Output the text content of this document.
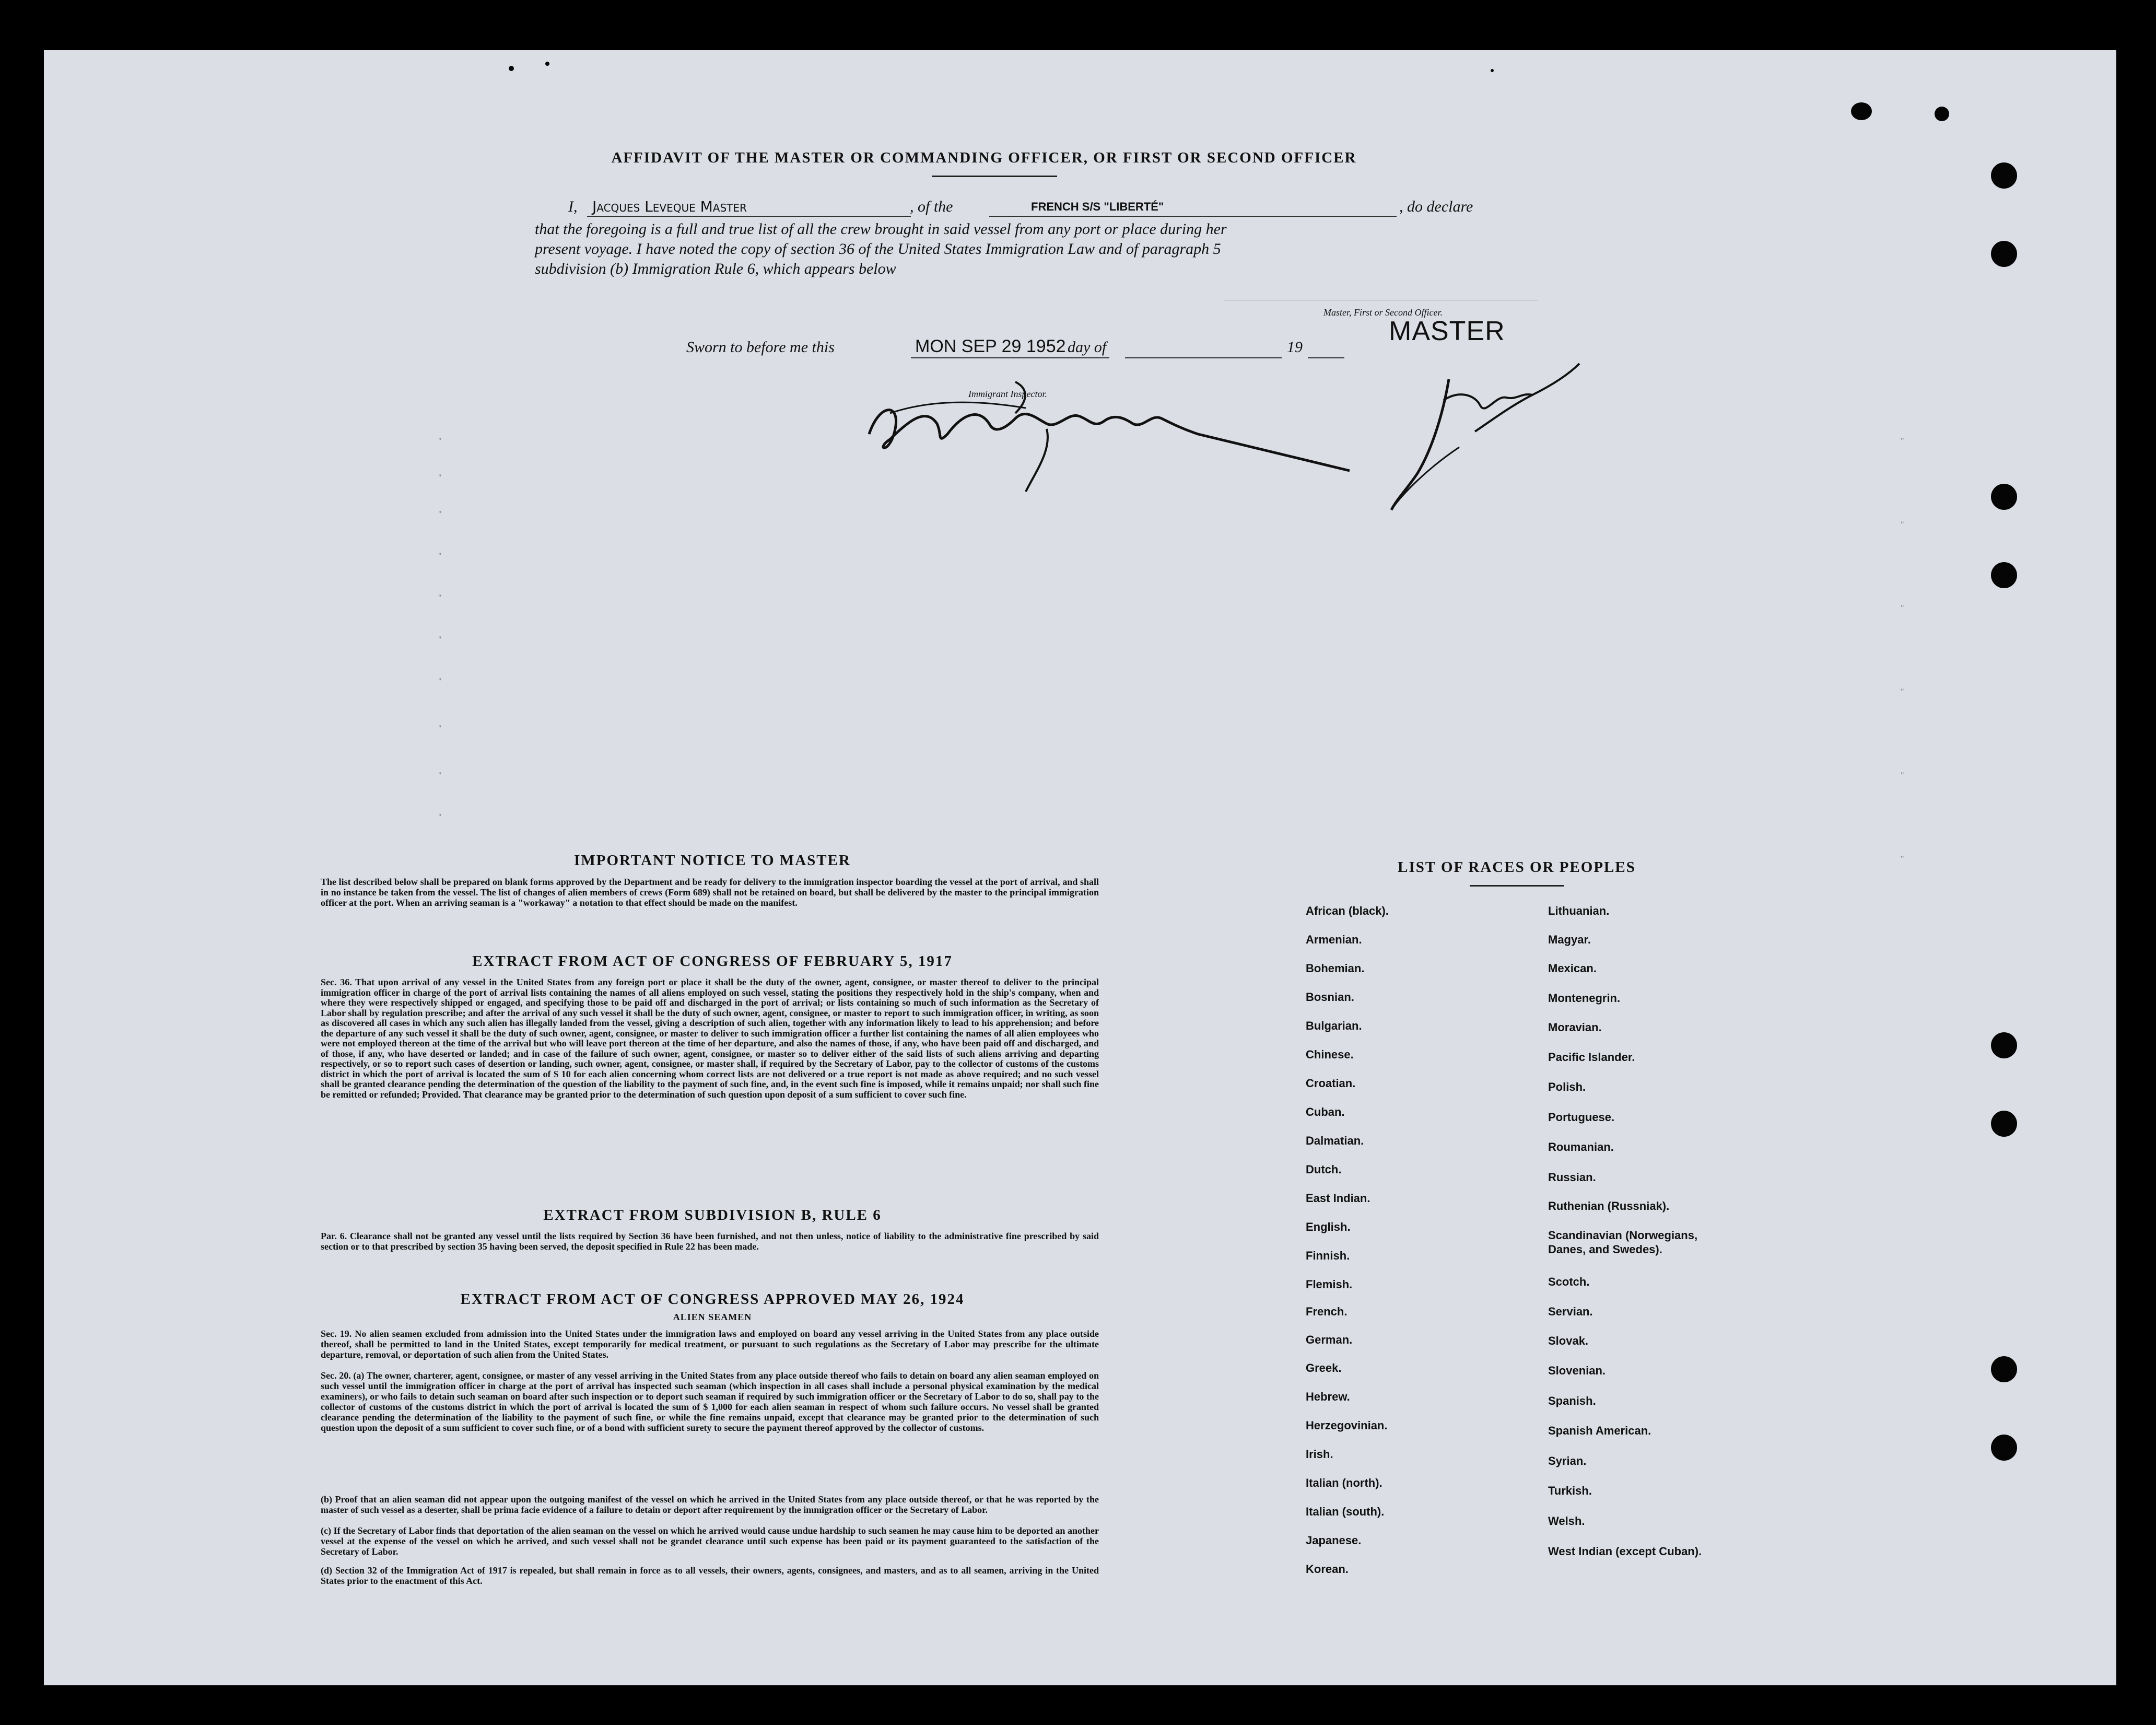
AFFIDAVIT OF THE MASTER OR COMMANDING OFFICER, OR FIRST OR SECOND OFFICER
I, Jacques Leveque Master	, of the	FRENCH S/S "LIBERTÉ"	, do declare
that the foregoing is a full and true list of all the crew brought in said vessel from any port or place during her
present voyage. I have noted the copy of section 36 of the United States Immigration Law and of paragraph 5
subdivision (b) Immigration Rule 6, which appears below
Master, First or Second Officer.
MASTER
Sworn to before me this	MON SEP 29 1952 day of	19
Immigrant Inspector.
"
"
"
"
"
"
"
"
"
"
"
"
"
"
"
"
IMPORTANT NOTICE TO MASTER
The list described below shall be prepared on blank forms approved by the Department and be ready for delivery to the immigration inspector boarding the vessel at the port of arrival, and shall in no instance be taken from the vessel. The list of changes of alien members of crews (Form 689) shall not be retained on board, but shall be delivered by the master to the principal immigration officer at the port. When an arriving seaman is a "workaway" a notation to that effect should be made on the manifest.
EXTRACT FROM ACT OF CONGRESS OF FEBRUARY 5, 1917
Sec. 36. That upon arrival of any vessel in the United States from any foreign port or place it shall be the duty of the owner, agent, consignee, or master thereof to deliver to the principal immigration officer in charge of the port of arrival lists containing the names of all aliens employed on such vessel, stating the positions they respectively hold in the ship's company, when and where they were respectively shipped or engaged, and specifying those to be paid off and discharged in the port of arrival; or lists containing so much of such information as the Secretary of Labor shall by regulation prescribe; and after the arrival of any such vessel it shall be the duty of such owner, agent, consignee, or master to report to such immigration officer, in writing, as soon as discovered all cases in which any such alien has illegally landed from the vessel, giving a description of such alien, together with any information likely to lead to his apprehension; and before the departure of any such vessel it shall be the duty of such owner, agent, consignee, or master to deliver to such immigration officer a further list containing the names of all alien employees who were not employed thereon at the time of the arrival but who will leave port thereon at the time of her departure, and also the names of those, if any, who have been paid off and discharged, and of those, if any, who have deserted or landed; and in case of the failure of such owner, agent, consignee, or master so to deliver either of the said lists of such aliens arriving and departing respectively, or so to report such cases of desertion or landing, such owner, agent, consignee, or master shall, if required by the Secretary of Labor, pay to the collector of customs of the customs district in which the port of arrival is located the sum of $ 10 for each alien concerning whom correct lists are not delivered or a true report is not made as above required; and no such vessel shall be granted clearance pending the determination of the question of the liability to the payment of such fine, and, in the event such fine is imposed, while it remains unpaid; nor shall such fine be remitted or refunded; Provided. That clearance may be granted prior to the determination of such question upon deposit of a sum sufficient to cover such fine.
EXTRACT FROM SUBDIVISION B, RULE 6
Par. 6. Clearance shall not be granted any vessel until the lists required by Section 36 have been furnished, and not then unless, notice of liability to the administrative fine prescribed by said section or to that prescribed by section 35 having been served, the deposit specified in Rule 22 has been made.
EXTRACT FROM ACT OF CONGRESS APPROVED MAY 26, 1924
ALIEN SEAMEN
Sec. 19. No alien seamen excluded from admission into the United States under the immigration laws and employed on board any vessel arriving in the United States from any place outside thereof, shall be permitted to land in the United States, except temporarily for medical treatment, or pursuant to such regulations as the Secretary of Labor may prescribe for the ultimate departure, removal, or deportation of such alien from the United States.
Sec. 20. (a) The owner, charterer, agent, consignee, or master of any vessel arriving in the United States from any place outside thereof who fails to detain on board any alien seaman employed on such vessel until the immigration officer in charge at the port of arrival has inspected such seaman (which inspection in all cases shall include a personal physical examination by the medical examiners), or who fails to detain such seaman on board after such inspection or to deport such seaman if required by such immigration officer or the Secretary of Labor to do so, shall pay to the collector of customs of the customs district in which the port of arrival is located the sum of $ 1,000 for each alien seaman in respect of whom such failure occurs. No vessel shall be granted clearance pending the determination of the liability to the payment of such fine, or while the fine remains unpaid, except that clearance may be granted prior to the determination of such question upon the deposit of a sum sufficient to cover such fine, or of a bond with sufficient surety to secure the payment thereof approved by the collector of customs.
(b) Proof that an alien seaman did not appear upon the outgoing manifest of the vessel on which he arrived in the United States from any place outside thereof, or that he was reported by the master of such vessel as a deserter, shall be prima facie evidence of a failure to detain or deport after requirement by the immigration officer or the Secretary of Labor.
(c) If the Secretary of Labor finds that deportation of the alien seaman on the vessel on which he arrived would cause undue hardship to such seamen he may cause him to be deported an another vessel at the expense of the vessel on which he arrived, and such vessel shall not be grandet clearance until such expense has been paid or its payment guaranteed to the satisfaction of the Secretary of Labor.
(d) Section 32 of the Immigration Act of 1917 is repealed, but shall remain in force as to all vessels, their owners, agents, consignees, and masters, and as to all seamen, arriving in the United States prior to the enactment of this Act.
LIST OF RACES OR PEOPLES
African (black).
Armenian.
Bohemian.
Bosnian.
Bulgarian.
Chinese.
Croatian.
Cuban.
Dalmatian.
Dutch.
East Indian.
English.
Finnish.
Flemish.
French.
German.
Greek.
Hebrew.
Herzegovinian.
Irish.
Italian (north).
Italian (south).
Japanese.
Korean.
Lithuanian.
Magyar.
Mexican.
Montenegrin.
Moravian.
Pacific Islander.
Polish.
Portuguese.
Roumanian.
Russian.
Ruthenian (Russniak).
Scandinavian (Norwegians, Danes, and Swedes).
Scotch.
Servian.
Slovak.
Slovenian.
Spanish.
Spanish American.
Syrian.
Turkish.
Welsh.
West Indian (except Cuban).
